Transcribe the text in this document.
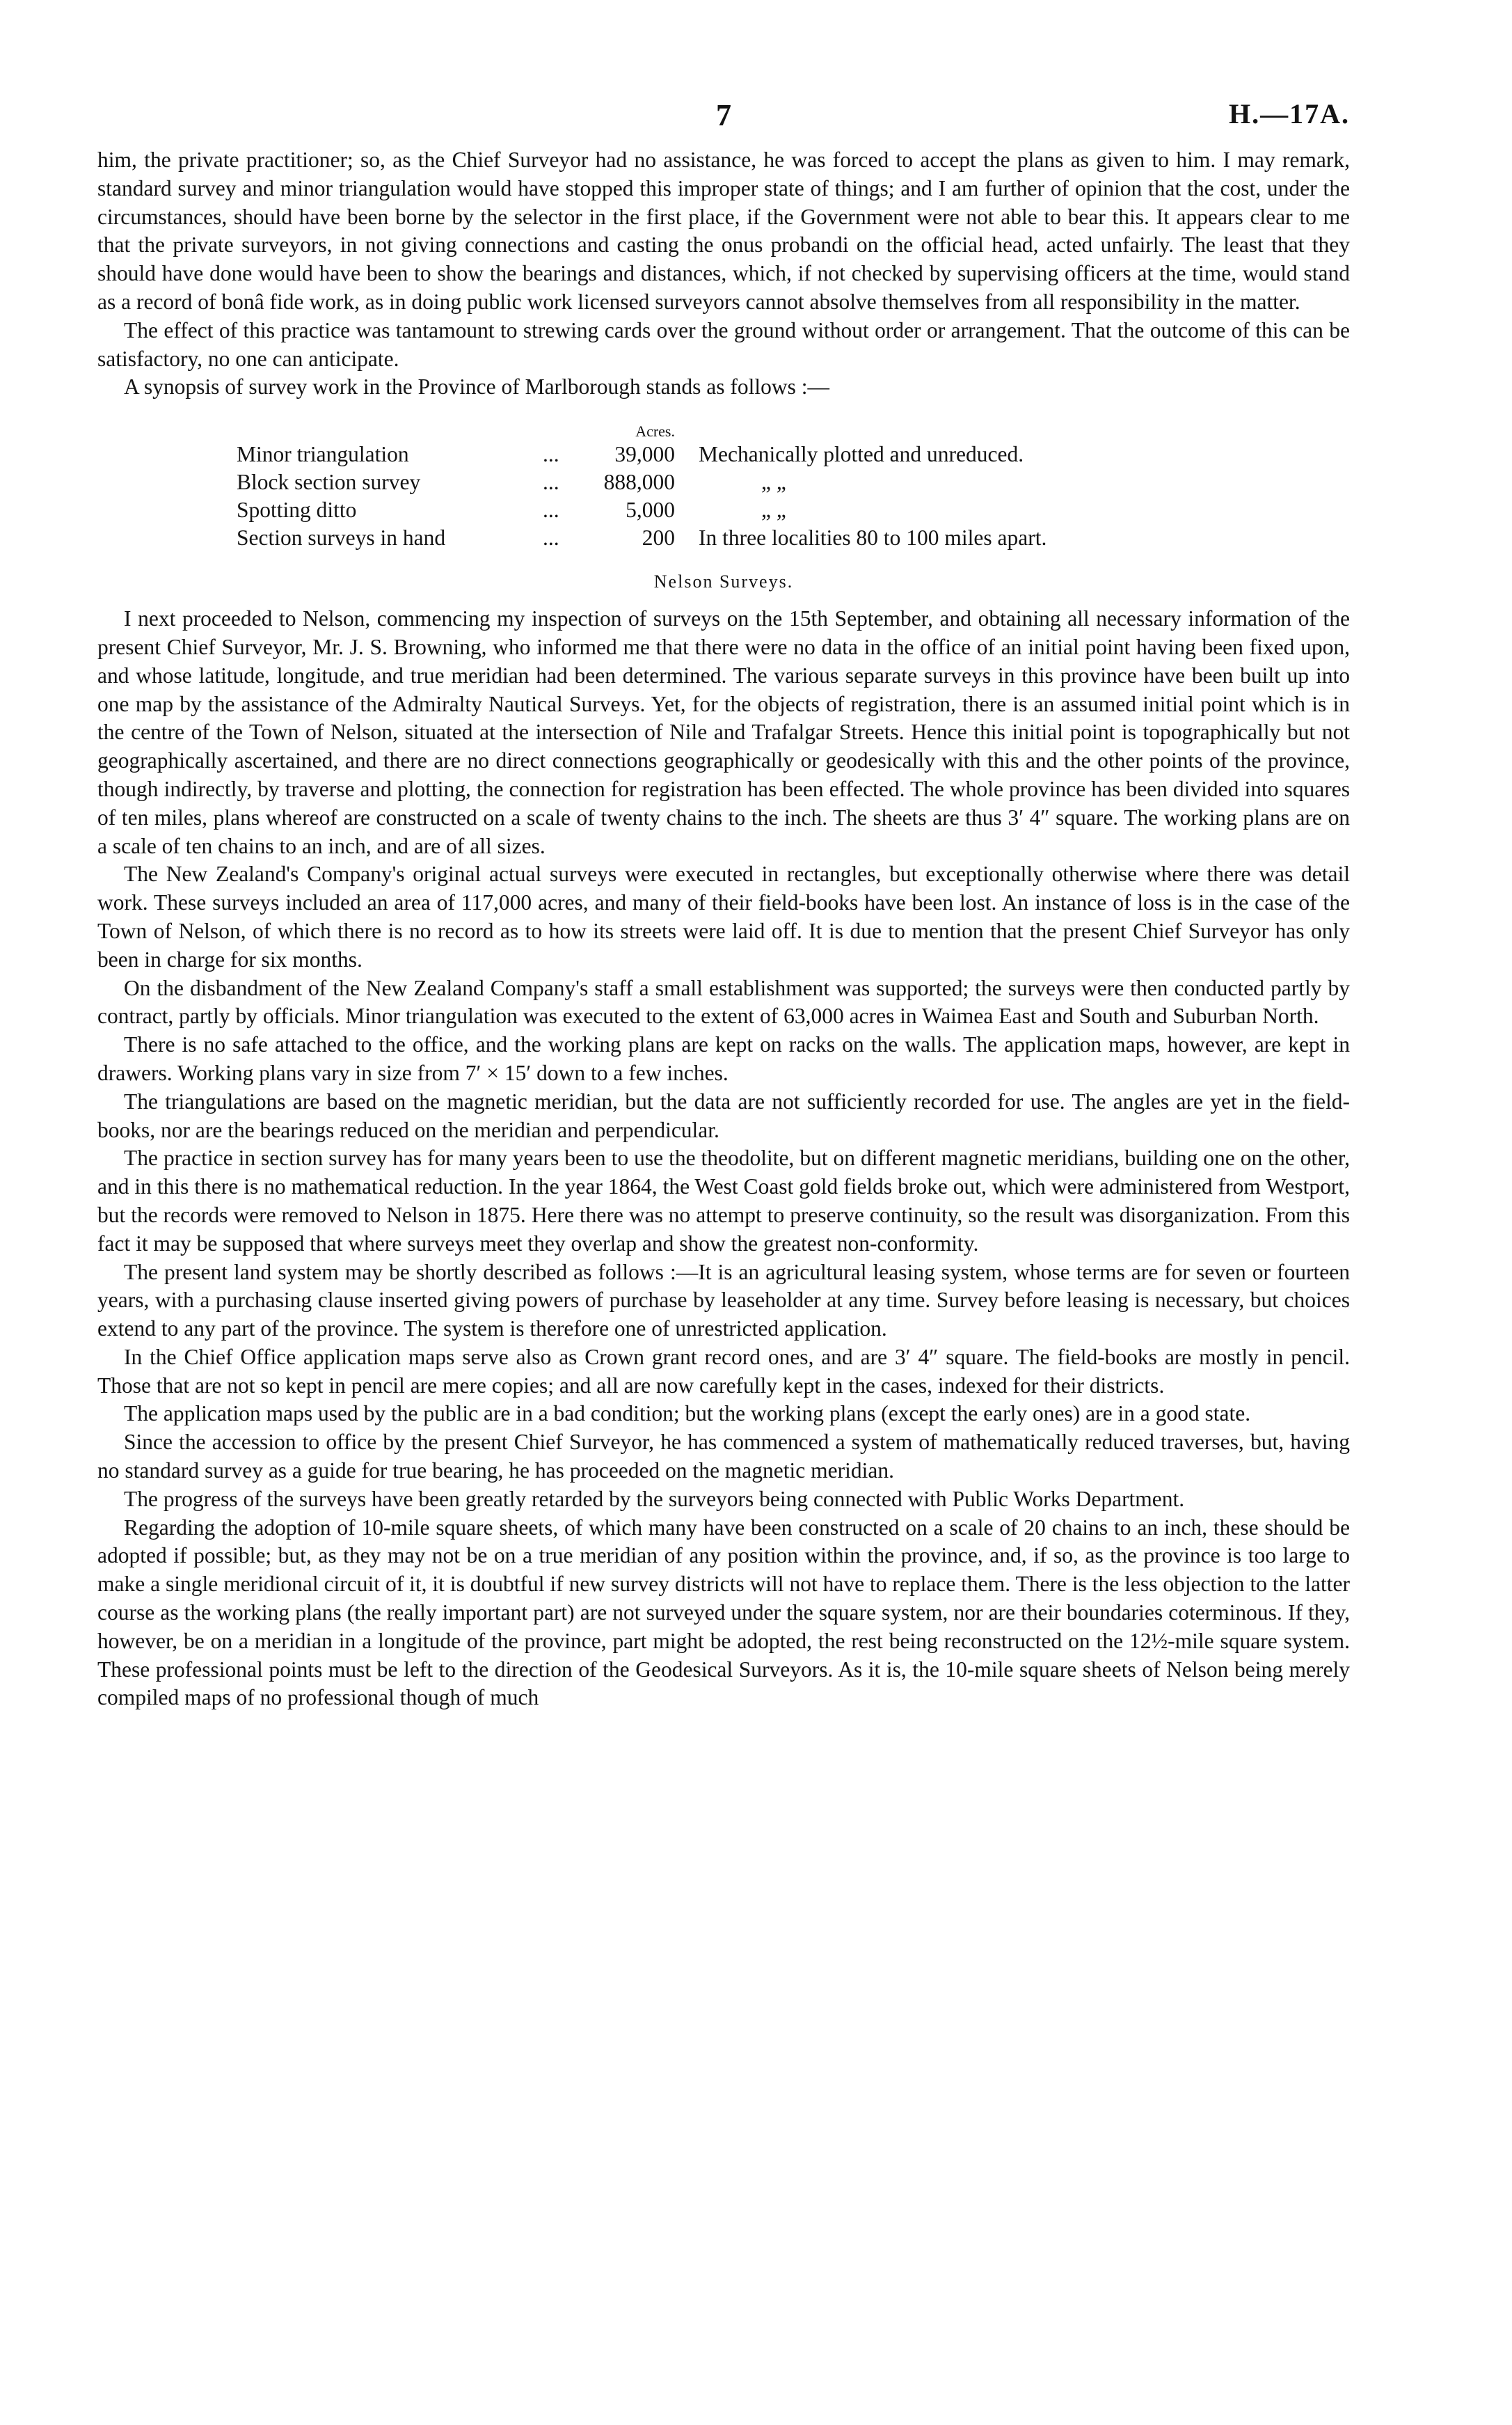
7	H.—17A.

him, the private practitioner; so, as the Chief Surveyor had no assistance, he was forced to accept the plans as given to him. I may remark, standard survey and minor triangulation would have stopped this improper state of things; and I am further of opinion that the cost, under the circumstances, should have been borne by the selector in the first place, if the Government were not able to bear this. It appears clear to me that the private surveyors, in not giving connections and casting the onus probandi on the official head, acted unfairly. The least that they should have done would have been to show the bearings and distances, which, if not checked by supervising officers at the time, would stand as a record of bonâ fide work, as in doing public work licensed surveyors cannot absolve themselves from all responsibility in the matter.

The effect of this practice was tantamount to strewing cards over the ground without order or arrangement. That the outcome of this can be satisfactory, no one can anticipate.

A synopsis of survey work in the Province of Marlborough stands as follows :—

		Acres.	
Minor triangulation	...	39,000	Mechanically plotted and unreduced.
Block section survey	...	888,000	„ „
Spotting ditto	...	5,000	„ „
Section surveys in hand	...	200	In three localities 80 to 100 miles apart.
Nelson Surveys.

I next proceeded to Nelson, commencing my inspection of surveys on the 15th September, and obtaining all necessary information of the present Chief Surveyor, Mr. J. S. Browning, who informed me that there were no data in the office of an initial point having been fixed upon, and whose latitude, longitude, and true meridian had been determined. The various separate surveys in this province have been built up into one map by the assistance of the Admiralty Nautical Surveys. Yet, for the objects of registration, there is an assumed initial point which is in the centre of the Town of Nelson, situated at the intersection of Nile and Trafalgar Streets. Hence this initial point is topographically but not geographically ascertained, and there are no direct connections geographically or geodesically with this and the other points of the province, though indirectly, by traverse and plotting, the connection for registration has been effected. The whole province has been divided into squares of ten miles, plans whereof are constructed on a scale of twenty chains to the inch. The sheets are thus 3′ 4″ square. The working plans are on a scale of ten chains to an inch, and are of all sizes.

The New Zealand's Company's original actual surveys were executed in rectangles, but exceptionally otherwise where there was detail work. These surveys included an area of 117,000 acres, and many of their field-books have been lost. An instance of loss is in the case of the Town of Nelson, of which there is no record as to how its streets were laid off. It is due to mention that the present Chief Surveyor has only been in charge for six months.

On the disbandment of the New Zealand Company's staff a small establishment was supported; the surveys were then conducted partly by contract, partly by officials. Minor triangulation was executed to the extent of 63,000 acres in Waimea East and South and Suburban North.

There is no safe attached to the office, and the working plans are kept on racks on the walls. The application maps, however, are kept in drawers. Working plans vary in size from 7′ × 15′ down to a few inches.

The triangulations are based on the magnetic meridian, but the data are not sufficiently recorded for use. The angles are yet in the field-books, nor are the bearings reduced on the meridian and perpendicular.

The practice in section survey has for many years been to use the theodolite, but on different magnetic meridians, building one on the other, and in this there is no mathematical reduction. In the year 1864, the West Coast gold fields broke out, which were administered from Westport, but the records were removed to Nelson in 1875. Here there was no attempt to preserve continuity, so the result was disorganization. From this fact it may be supposed that where surveys meet they overlap and show the greatest non-conformity.

The present land system may be shortly described as follows :—It is an agricultural leasing system, whose terms are for seven or fourteen years, with a purchasing clause inserted giving powers of purchase by leaseholder at any time. Survey before leasing is necessary, but choices extend to any part of the province. The system is therefore one of unrestricted application.

In the Chief Office application maps serve also as Crown grant record ones, and are 3′ 4″ square. The field-books are mostly in pencil. Those that are not so kept in pencil are mere copies; and all are now carefully kept in the cases, indexed for their districts.

The application maps used by the public are in a bad condition; but the working plans (except the early ones) are in a good state.

Since the accession to office by the present Chief Surveyor, he has commenced a system of mathematically reduced traverses, but, having no standard survey as a guide for true bearing, he has proceeded on the magnetic meridian.

The progress of the surveys have been greatly retarded by the surveyors being connected with Public Works Department.

Regarding the adoption of 10-mile square sheets, of which many have been constructed on a scale of 20 chains to an inch, these should be adopted if possible; but, as they may not be on a true meridian of any position within the province, and, if so, as the province is too large to make a single meridional circuit of it, it is doubtful if new survey districts will not have to replace them. There is the less objection to the latter course as the working plans (the really important part) are not surveyed under the square system, nor are their boundaries coterminous. If they, however, be on a meridian in a longitude of the province, part might be adopted, the rest being reconstructed on the 12½-mile square system. These professional points must be left to the direction of the Geodesical Surveyors. As it is, the 10-mile square sheets of Nelson being merely compiled maps of no professional though of much
